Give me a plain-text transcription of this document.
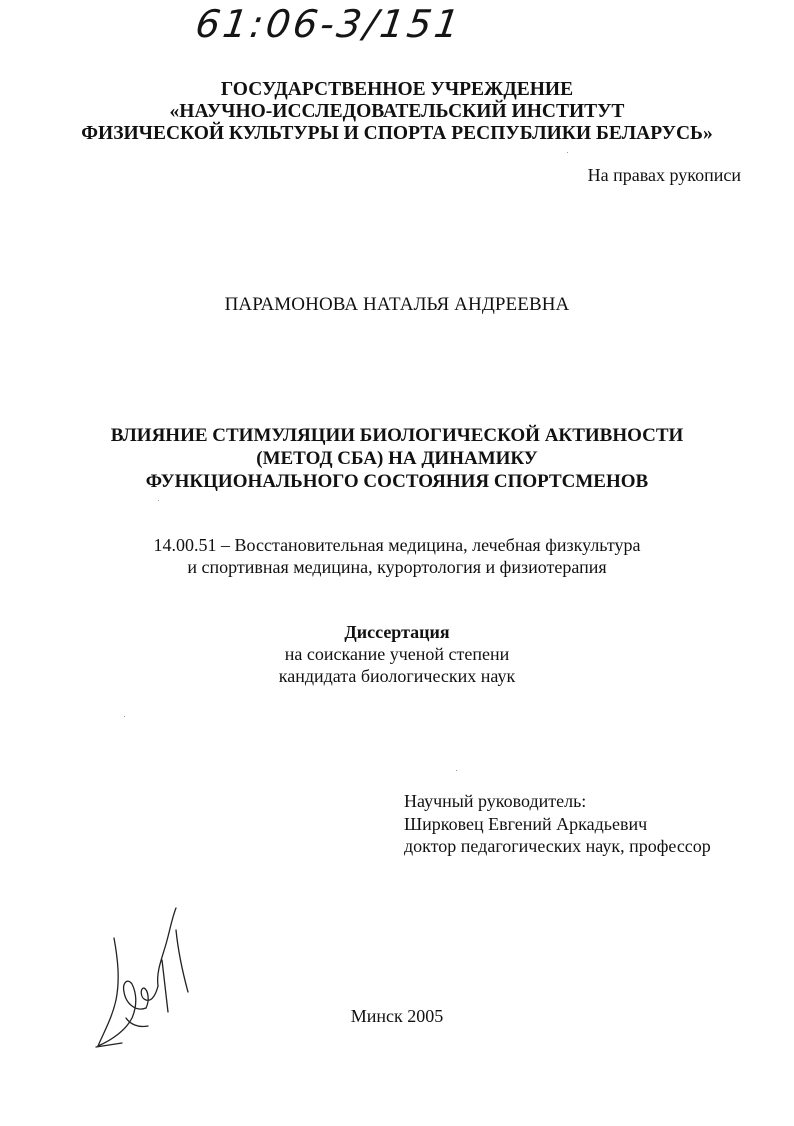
61:06-3/151
ГОСУДАРСТВЕННОЕ УЧРЕЖДЕНИЕ
«НАУЧНО-ИССЛЕДОВАТЕЛЬСКИЙ ИНСТИТУТ
ФИЗИЧЕСКОЙ КУЛЬТУРЫ И СПОРТА РЕСПУБЛИКИ БЕЛАРУСЬ»
На правах рукописи
ПАРАМОНОВА НАТАЛЬЯ АНДРЕЕВНА
ВЛИЯНИЕ СТИМУЛЯЦИИ БИОЛОГИЧЕСКОЙ АКТИВНОСТИ
(МЕТОД СБА) НА ДИНАМИКУ
ФУНКЦИОНАЛЬНОГО СОСТОЯНИЯ СПОРТСМЕНОВ
14.00.51 – Восстановительная медицина, лечебная физкультура
и спортивная медицина, курортология и физиотерапия
Диссертация
на соискание ученой степени
кандидата биологических наук
Научный руководитель:
Ширковец Евгений Аркадьевич
доктор педагогических наук, профессор
Минск 2005
